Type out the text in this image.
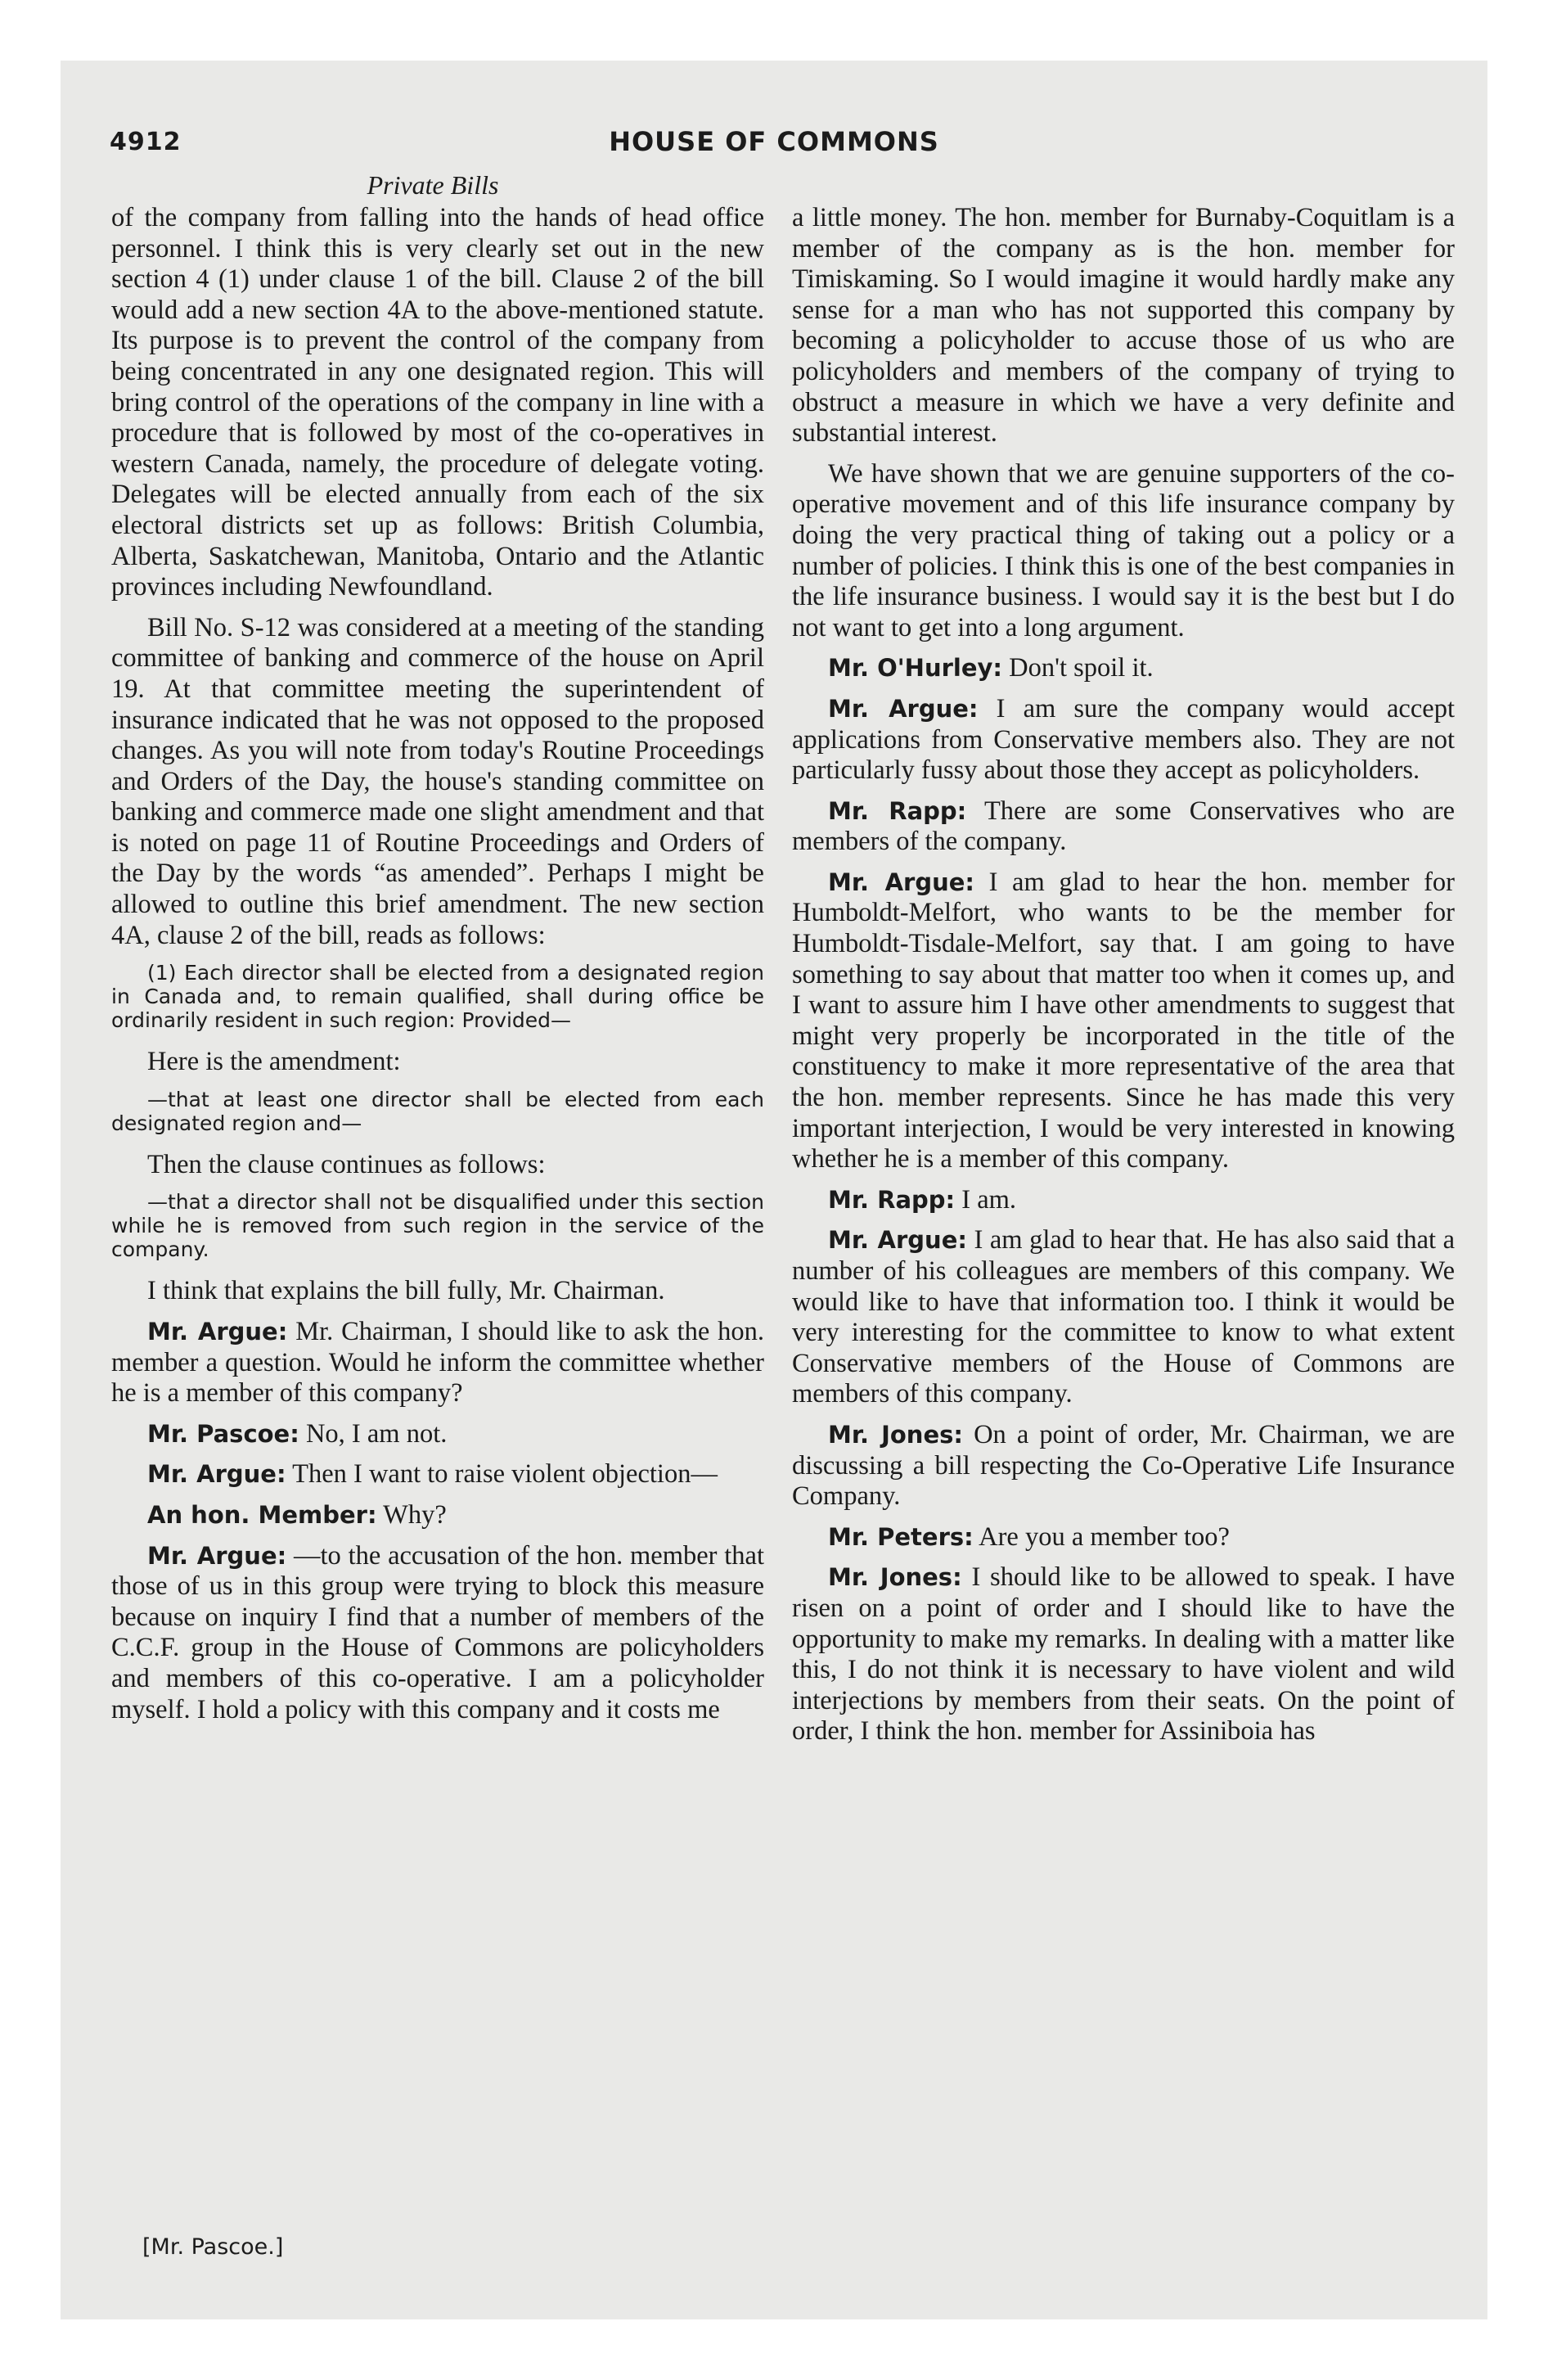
4912	HOUSE OF COMMONS
Private Bills

of the company from falling into the hands of head office personnel. I think this is very clearly set out in the new section 4 (1) under clause 1 of the bill. Clause 2 of the bill would add a new section 4A to the above-mentioned statute. Its purpose is to prevent the control of the company from being concentrated in any one designated region. This will bring control of the operations of the company in line with a procedure that is followed by most of the co-operatives in western Canada, namely, the procedure of delegate voting. Delegates will be elected annually from each of the six electoral districts set up as follows: British Columbia, Alberta, Saskatchewan, Manitoba, Ontario and the Atlantic provinces including Newfoundland.

Bill No. S-12 was considered at a meeting of the standing committee of banking and commerce of the house on April 19. At that committee meeting the superintendent of insurance indicated that he was not opposed to the proposed changes. As you will note from today's Routine Proceedings and Orders of the Day, the house's standing committee on banking and commerce made one slight amendment and that is noted on page 11 of Routine Proceedings and Orders of the Day by the words “as amended”. Perhaps I might be allowed to outline this brief amendment. The new section 4A, clause 2 of the bill, reads as follows:

(1) Each director shall be elected from a designated region in Canada and, to remain qualified, shall during office be ordinarily resident in such region: Provided—

Here is the amendment:

—that at least one director shall be elected from each designated region and—

Then the clause continues as follows:

—that a director shall not be disqualified under this section while he is removed from such region in the service of the company.

I think that explains the bill fully, Mr. Chairman.

Mr. Argue: Mr. Chairman, I should like to ask the hon. member a question. Would he inform the committee whether he is a member of this company?

Mr. Pascoe: No, I am not.

Mr. Argue: Then I want to raise violent objection—

An hon. Member: Why?

Mr. Argue: —to the accusation of the hon. member that those of us in this group were trying to block this measure because on inquiry I find that a number of members of the C.C.F. group in the House of Commons are policyholders and members of this co-operative. I am a policyholder myself. I hold a policy with this company and it costs me

a little money. The hon. member for Burnaby-Coquitlam is a member of the company as is the hon. member for Timiskaming. So I would imagine it would hardly make any sense for a man who has not supported this company by becoming a policyholder to accuse those of us who are policyholders and members of the company of trying to obstruct a measure in which we have a very definite and substantial interest.

We have shown that we are genuine supporters of the co-operative movement and of this life insurance company by doing the very practical thing of taking out a policy or a number of policies. I think this is one of the best companies in the life insurance business. I would say it is the best but I do not want to get into a long argument.

Mr. O'Hurley: Don't spoil it.

Mr. Argue: I am sure the company would accept applications from Conservative members also. They are not particularly fussy about those they accept as policyholders.

Mr. Rapp: There are some Conservatives who are members of the company.

Mr. Argue: I am glad to hear the hon. member for Humboldt-Melfort, who wants to be the member for Humboldt-Tisdale-Melfort, say that. I am going to have something to say about that matter too when it comes up, and I want to assure him I have other amendments to suggest that might very properly be incorporated in the title of the constituency to make it more representative of the area that the hon. member represents. Since he has made this very important interjection, I would be very interested in knowing whether he is a member of this company.

Mr. Rapp: I am.

Mr. Argue: I am glad to hear that. He has also said that a number of his colleagues are members of this company. We would like to have that information too. I think it would be very interesting for the committee to know to what extent Conservative members of the House of Commons are members of this company.

Mr. Jones: On a point of order, Mr. Chairman, we are discussing a bill respecting the Co-Operative Life Insurance Company.

Mr. Peters: Are you a member too?

Mr. Jones: I should like to be allowed to speak. I have risen on a point of order and I should like to have the opportunity to make my remarks. In dealing with a matter like this, I do not think it is necessary to have violent and wild interjections by members from their seats. On the point of order, I think the hon. member for Assiniboia has

[Mr. Pascoe.]
